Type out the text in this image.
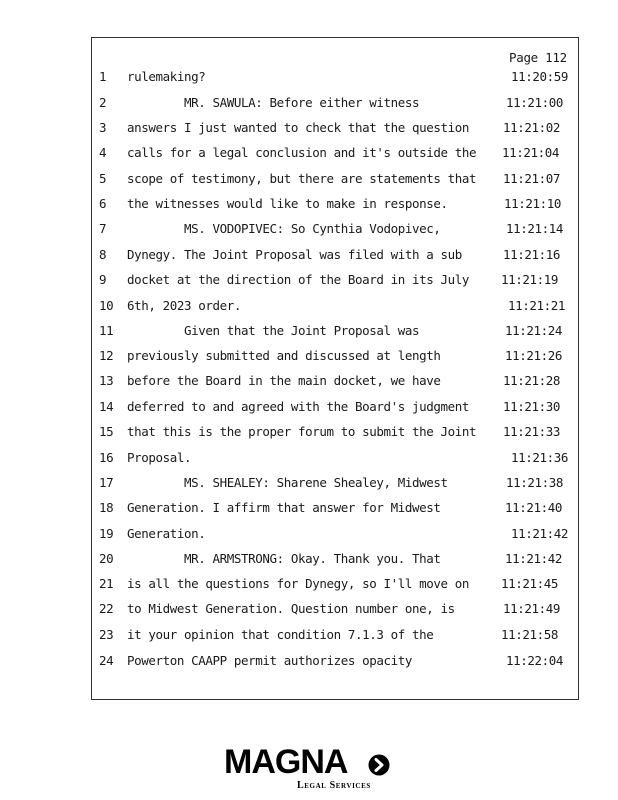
Page 112
1	rulemaking?	11:20:59
2	MR. SAWULA: Before either witness	11:21:00
3	answers I just wanted to check that the question	11:21:02
4	calls for a legal conclusion and it's outside the 11:21:04
5	scope of testimony, but there are statements that 11:21:07
6	the witnesses would like to make in response.	11:21:10
7	MS. VODOPIVEC: So Cynthia Vodopivec,	11:21:14
8	Dynegy. The Joint Proposal was filed with a sub	11:21:16
9	docket at the direction of the Board in its July	11:21:19
10	6th, 2023 order.	11:21:21
11	Given that the Joint Proposal was	11:21:24
12	previously submitted and discussed at length	11:21:26
13	before the Board in the main docket, we have	11:21:28
14	deferred to and agreed with the Board's judgment	11:21:30
15	that this is the proper forum to submit the Joint 11:21:33
16	Proposal.	11:21:36
17	MS. SHEALEY: Sharene Shealey, Midwest	11:21:38
18	Generation. I affirm that answer for Midwest	11:21:40
19	Generation.	11:21:42
20	MR. ARMSTRONG: Okay. Thank you. That	11:21:42
21	is all the questions for Dynegy, so I'll move on	11:21:45
22	to Midwest Generation. Question number one, is	11:21:49
23	it your opinion that condition 7.1.3 of the	11:21:58
24	Powerton CAAPP permit authorizes opacity	11:22:04
MAGNA
Legal Services
